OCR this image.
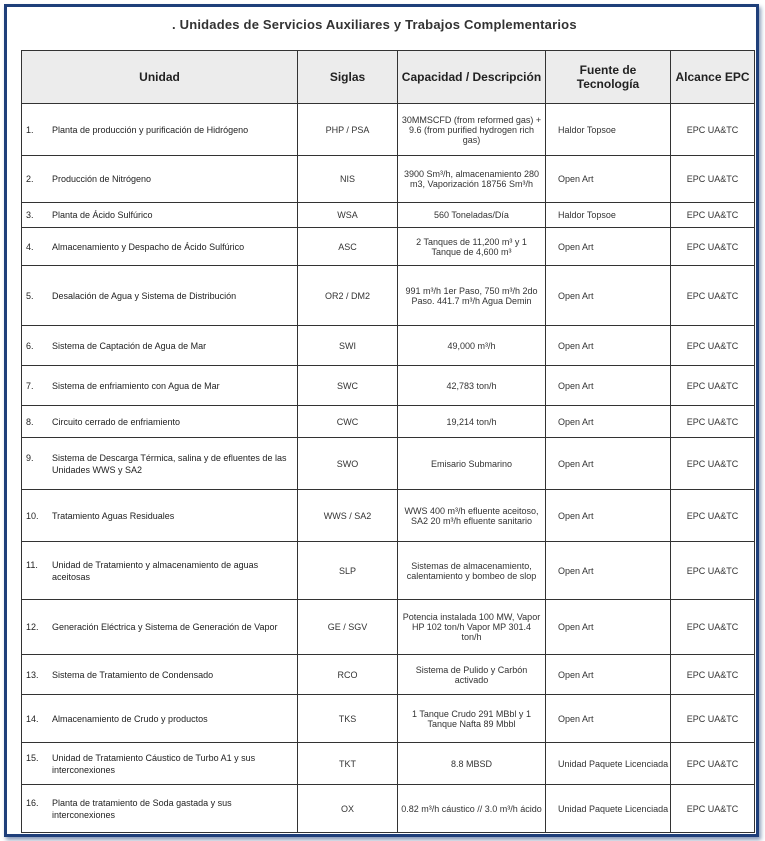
. Unidades de Servicios Auxiliares y Trabajos Complementarios
Unidad	Siglas	Capacidad / Descripción	Fuente de Tecnología	Alcance EPC

1. Planta de producción y purificación de Hidrógeno	PHP / PSA	30MMSCFD (from reformed gas) + 9.6 (from purified hydrogen rich gas)	Haldor Topsoe	EPC UA&TC

2. Producción de Nitrógeno	NIS	3900 Sm³/h, almacenamiento 280 m3, Vaporización 18756 Sm³/h	Open Art	EPC UA&TC

3. Planta de Ácido Sulfúrico	WSA	560 Toneladas/Día	Haldor Topsoe	EPC UA&TC

4. Almacenamiento y Despacho de Ácido Sulfúrico	ASC	2 Tanques de 11,200 m³ y 1 Tanque de 4,600 m³	Open Art	EPC UA&TC

5. Desalación de Agua y Sistema de Distribución	OR2 / DM2	991 m³/h 1er Paso, 750 m³/h 2do Paso. 441.7 m³/h Agua Demin	Open Art	EPC UA&TC

6. Sistema de Captación de Agua de Mar	SWI	49,000 m³/h	Open Art	EPC UA&TC

7. Sistema de enfriamiento con Agua de Mar	SWC	42,783 ton/h	Open Art	EPC UA&TC

8. Circuito cerrado de enfriamiento	CWC	19,214 ton/h	Open Art	EPC UA&TC

9. Sistema de Descarga Térmica, salina y de efluentes de las Unidades WWS y SA2	SWO	Emisario Submarino	Open Art	EPC UA&TC

10. Tratamiento Aguas Residuales	WWS / SA2	WWS 400 m³/h efluente aceitoso, SA2 20 m³/h efluente sanitario	Open Art	EPC UA&TC

11. Unidad de Tratamiento y almacenamiento de aguas aceitosas	SLP	Sistemas de almacenamiento, calentamiento y bombeo de slop	Open Art	EPC UA&TC

12. Generación Eléctrica y Sistema de Generación de Vapor	GE / SGV	Potencia instalada 100 MW, Vapor HP 102 ton/h Vapor MP 301.4 ton/h	Open Art	EPC UA&TC

13. Sistema de Tratamiento de Condensado	RCO	Sistema de Pulido y Carbón activado	Open Art	EPC UA&TC

14. Almacenamiento de Crudo y productos	TKS	1 Tanque Crudo 291 MBbl y 1 Tanque Nafta 89 Mbbl	Open Art	EPC UA&TC

15. Unidad de Tratamiento Cáustico de Turbo A1 y sus interconexiones	TKT	8.8 MBSD	Unidad Paquete Licenciada	EPC UA&TC

16. Planta de tratamiento de Soda gastada y sus interconexiones	OX	0.82 m³/h cáustico // 3.0 m³/h ácido	Unidad Paquete Licenciada	EPC UA&TC
